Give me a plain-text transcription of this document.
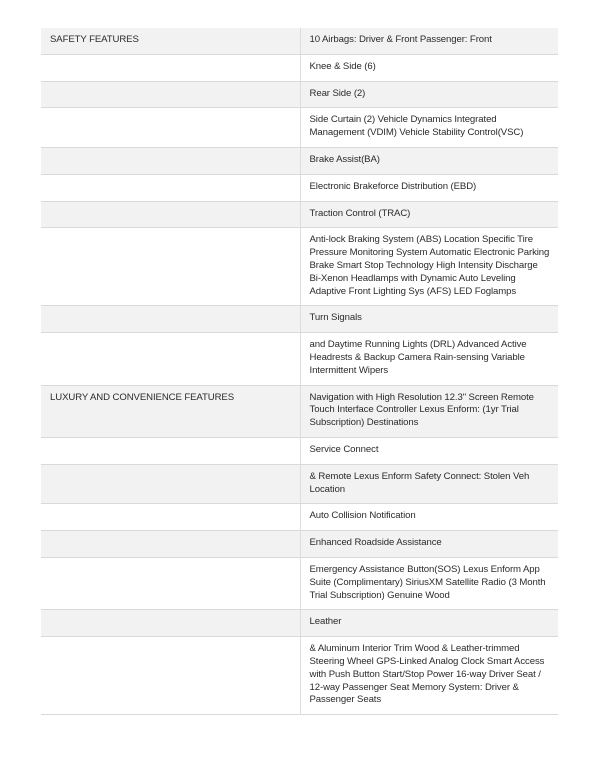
SAFETY FEATURES	10 Airbags: Driver & Front Passenger: Front
	Knee & Side (6)
	Rear Side (2)
	Side Curtain (2) Vehicle Dynamics Integrated Management (VDIM) Vehicle Stability Control(VSC)
	Brake Assist(BA)
	Electronic Brakeforce Distribution (EBD)
	Traction Control (TRAC)
	Anti-lock Braking System (ABS) Location Specific Tire Pressure Monitoring System Automatic Electronic Parking Brake Smart Stop Technology High Intensity Discharge Bi-Xenon Headlamps with Dynamic Auto Leveling Adaptive Front Lighting Sys (AFS) LED Foglamps
	Turn Signals
	and Daytime Running Lights (DRL) Advanced Active Headrests & Backup Camera Rain-sensing Variable Intermittent Wipers
LUXURY AND CONVENIENCE FEATURES	Navigation with High Resolution 12.3" Screen Remote Touch Interface Controller Lexus Enform: (1yr Trial Subscription) Destinations
	Service Connect
	& Remote Lexus Enform Safety Connect: Stolen Veh Location
	Auto Collision Notification
	Enhanced Roadside Assistance
	Emergency Assistance Button(SOS) Lexus Enform App Suite (Complimentary) SiriusXM Satellite Radio (3 Month Trial Subscription) Genuine Wood
	Leather
	& Aluminum Interior Trim Wood & Leather-trimmed Steering Wheel GPS-Linked Analog Clock Smart Access with Push Button Start/Stop Power 16-way Driver Seat / 12-way Passenger Seat Memory System: Driver & Passenger Seats
